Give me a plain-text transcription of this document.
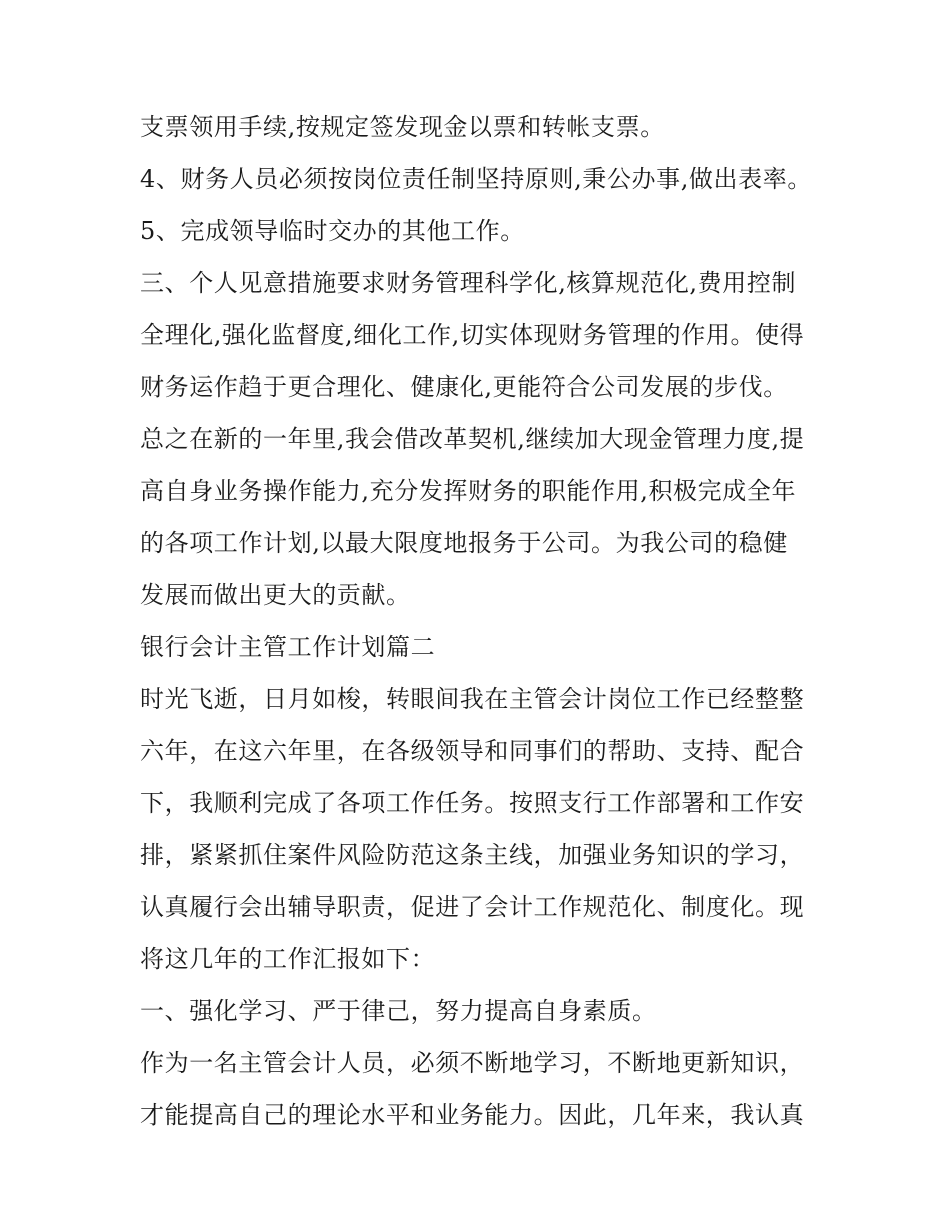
支票领用手续,按规定签发现金以票和转帐支票。
4、财务人员必须按岗位责任制坚持原则,秉公办事,做出表率。
5、完成领导临时交办的其他工作。
三、个人见意措施要求财务管理科学化,核算规范化,费用控制
全理化,强化监督度,细化工作,切实体现财务管理的作用。使得
财务运作趋于更合理化、健康化,更能符合公司发展的步伐。
总之在新的一年里,我会借改革契机,继续加大现金管理力度,提
高自身业务操作能力,充分发挥财务的职能作用,积极完成全年
的各项工作计划,以最大限度地报务于公司。为我公司的稳健
发展而做出更大的贡献。
银行会计主管工作计划篇二
时光飞逝，日月如梭，转眼间我在主管会计岗位工作已经整整
六年，在这六年里，在各级领导和同事们的帮助、支持、配合
下，我顺利完成了各项工作任务。按照支行工作部署和工作安
排，紧紧抓住案件风险防范这条主线，加强业务知识的学习，
认真履行会出辅导职责，促进了会计工作规范化、制度化。现
将这几年的工作汇报如下：
一、强化学习、严于律己，努力提高自身素质。
作为一名主管会计人员，必须不断地学习，不断地更新知识，
才能提高自己的理论水平和业务能力。因此，几年来，我认真
